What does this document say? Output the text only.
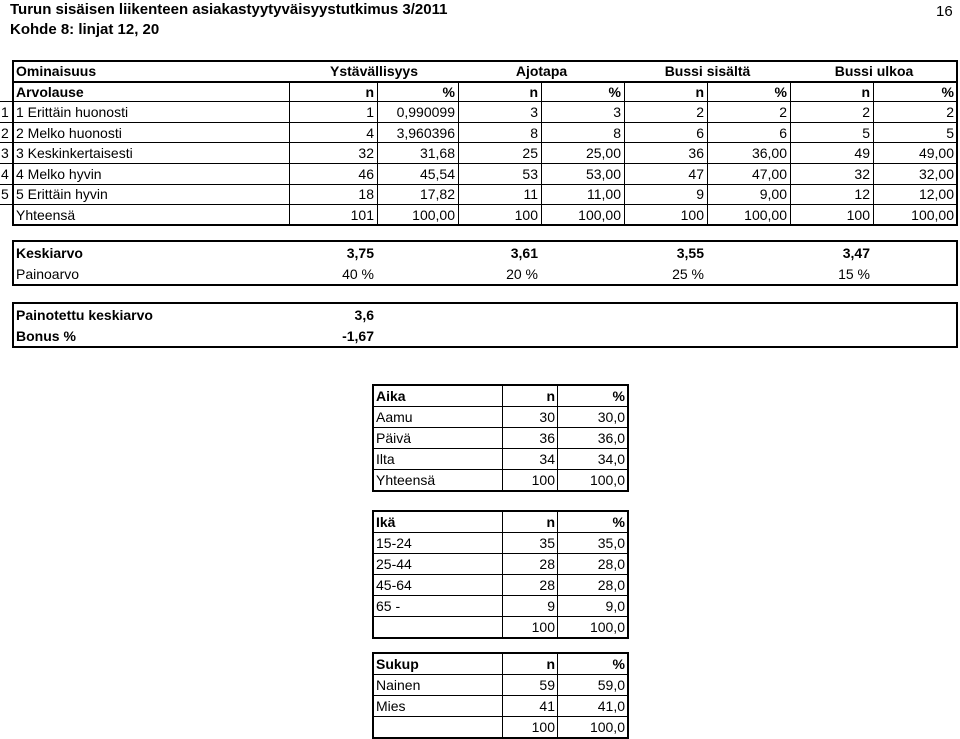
Turun sisäisen liikenteen asiakastyytyväisyystutkimus 3/2011
Kohde 8: linjat 12, 20
16
Ominaisuus	Ystävällisyys	Ajotapa	Bussi sisältä	Bussi ulkoa
Arvolause	n	%	n	%	n	%	n	%
1 1 Erittäin huonosti	1	0,990099	3	3	2	2	2	2
2 2 Melko huonosti	4	3,960396	8	8	6	6	5	5
3 3 Keskinkertaisesti	32	31,68	25	25,00	36	36,00	49	49,00
4 4 Melko hyvin	46	45,54	53	53,00	47	47,00	32	32,00
5 5 Erittäin hyvin	18	17,82	11	11,00	9	9,00	12	12,00
Yhteensä	101	100,00	100	100,00	100	100,00	100	100,00
Keskiarvo	3,75	3,61	3,55	3,47
Painoarvo	40 %	20 %	25 %	15 %
Painotettu keskiarvo	3,6
Bonus %	-1,67
Aika	n	%
Aamu	30	30,0
Päivä	36	36,0
Ilta	34	34,0
Yhteensä	100	100,0
Ikä	n	%
15-24	35	35,0
25-44	28	28,0
45-64	28	28,0
65 -	9	9,0
	100	100,0
Sukup	n	%
Nainen	59	59,0
Mies	41	41,0
	100	100,0
